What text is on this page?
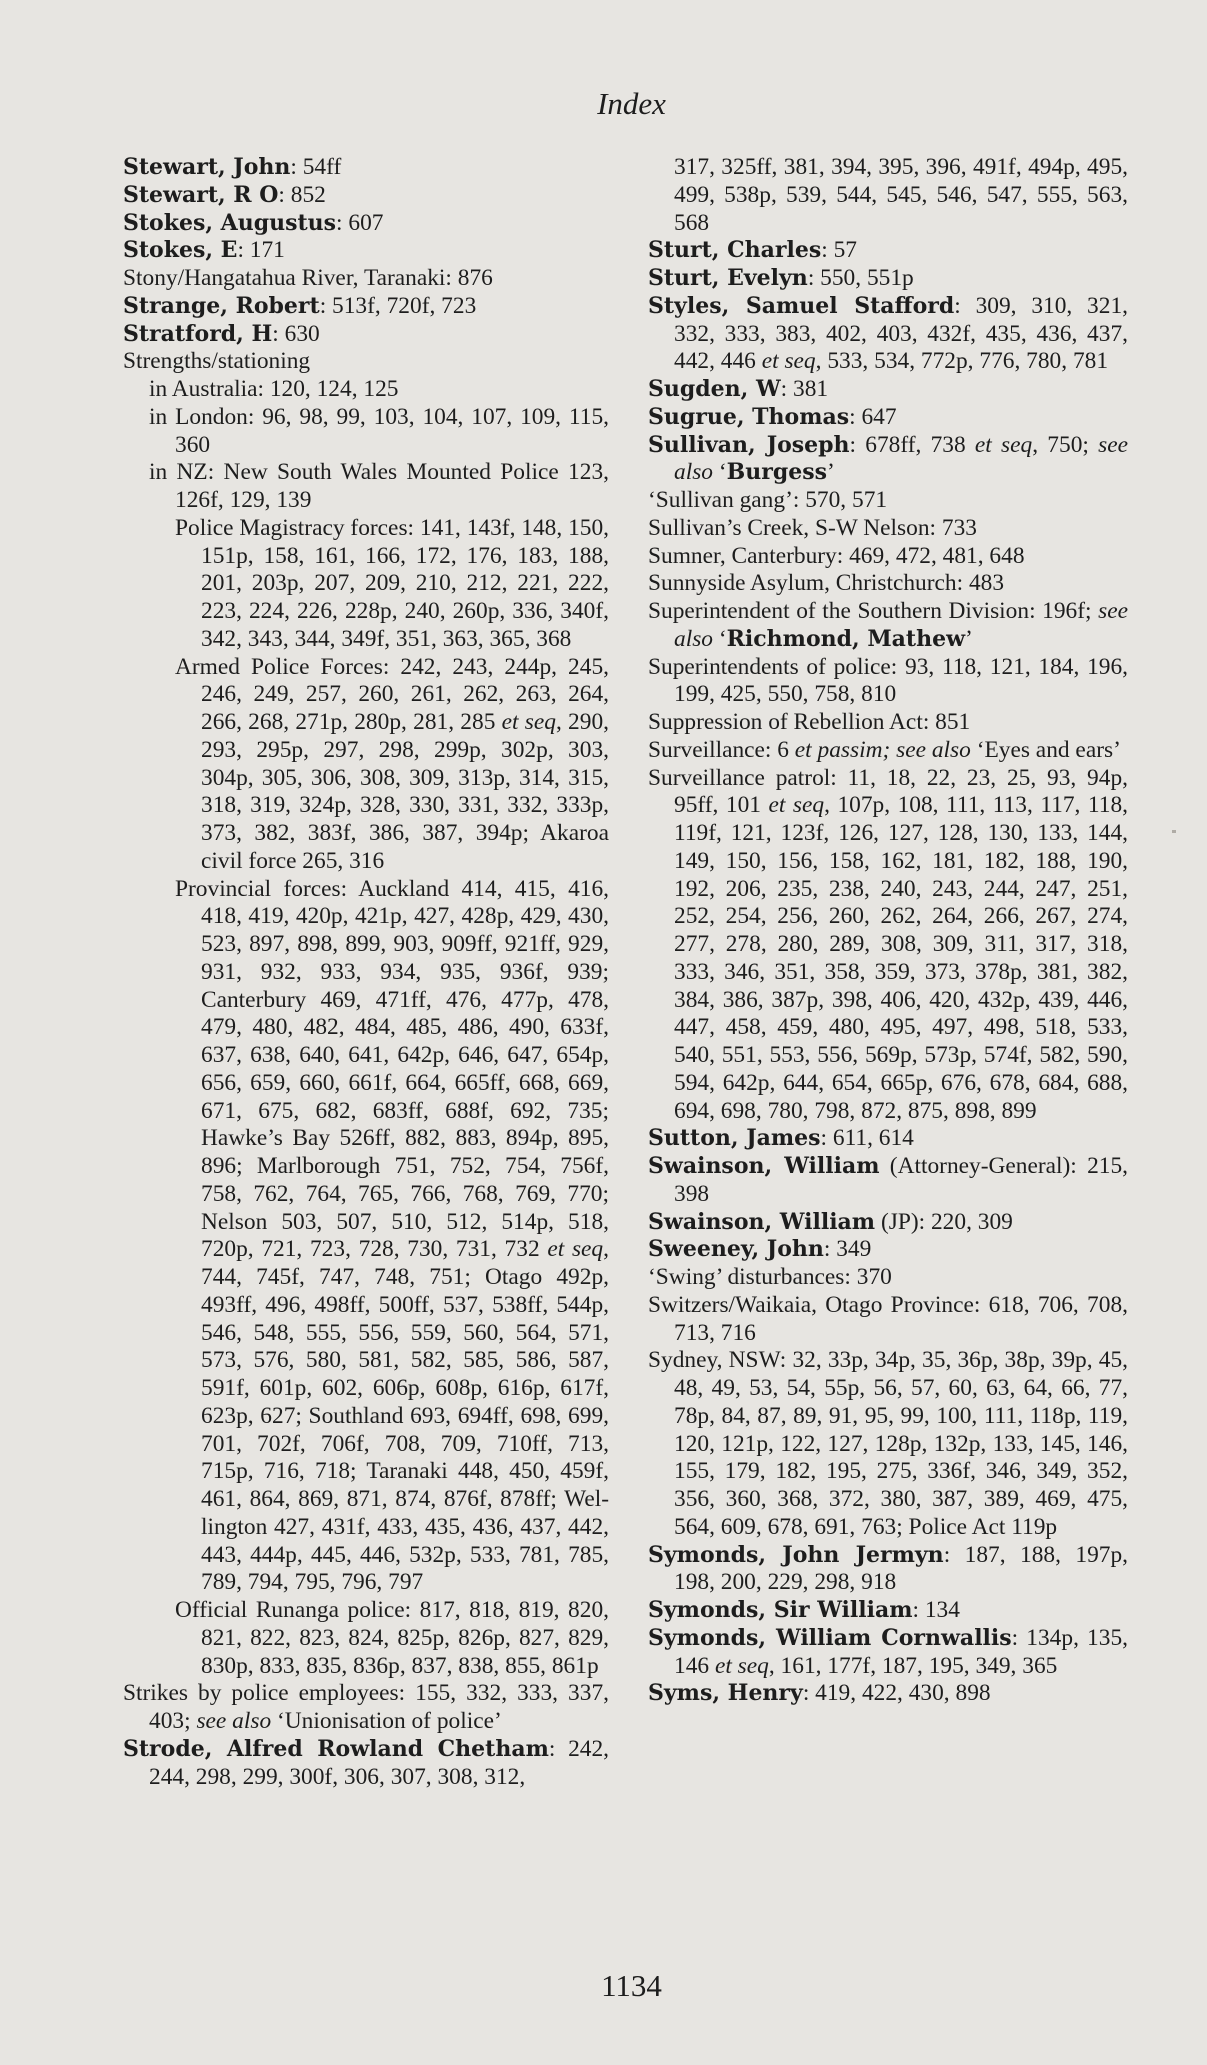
Index
Stewart, John: 54ff
Stewart, R O: 852
Stokes, Augustus: 607
Stokes, E: 171
Stony/Hangatahua River, Taranaki: 876
Strange, Robert: 513f, 720f, 723
Stratford, H: 630
Strengths/stationing
in Australia: 120, 124, 125
in London: 96, 98, 99, 103, 104, 107, 109, 115, 360
in NZ: New South Wales Mounted Police 123, 126f, 129, 139
Police Magistracy forces: 141, 143f, 148, 150, 151p, 158, 161, 166, 172, 176, 183, 188, 201, 203p, 207, 209, 210, 212, 221, 222, 223, 224, 226, 228p, 240, 260p, 336, 340f, 342, 343, 344, 349f, 351, 363, 365, 368
Armed Police Forces: 242, 243, 244p, 245, 246, 249, 257, 260, 261, 262, 263, 264, 266, 268, 271p, 280p, 281, 285 et seq, 290, 293, 295p, 297, 298, 299p, 302p, 303, 304p, 305, 306, 308, 309, 313p, 314, 315, 318, 319, 324p, 328, 330, 331, 332, 333p, 373, 382, 383f, 386, 387, 394p; Akaroa civil force 265, 316
Provincial forces: Auckland 414, 415, 416, 418, 419, 420p, 421p, 427, 428p, 429, 430, 523, 897, 898, 899, 903, 909ff, 921ff, 929, 931, 932, 933, 934, 935, 936f, 939; Canterbury 469, 471ff, 476, 477p, 478, 479, 480, 482, 484, 485, 486, 490, 633f, 637, 638, 640, 641, 642p, 646, 647, 654p, 656, 659, 660, 661f, 664, 665ff, 668, 669, 671, 675, 682, 683ff, 688f, 692, 735; Hawke’s Bay 526ff, 882, 883, 894p, 895, 896; Marlborough 751, 752, 754, 756f, 758, 762, 764, 765, 766, 768, 769, 770; Nelson 503, 507, 510, 512, 514p, 518, 720p, 721, 723, 728, 730, 731, 732 et seq, 744, 745f, 747, 748, 751; Otago 492p, 493ff, 496, 498ff, 500ff, 537, 538ff, 544p, 546, 548, 555, 556, 559, 560, 564, 571, 573, 576, 580, 581, 582, 585, 586, 587, 591f, 601p, 602, 606p, 608p, 616p, 617f, 623p, 627; Southland 693, 694ff, 698, 699, 701, 702f, 706f, 708, 709, 710ff, 713, 715p, 716, 718; Taranaki 448, 450, 459f, 461, 864, 869, 871, 874, 876f, 878ff; Wellington 427, 431f, 433, 435, 436, 437, 442, 443, 444p, 445, 446, 532p, 533, 781, 785, 789, 794, 795, 796, 797
Official Runanga police: 817, 818, 819, 820, 821, 822, 823, 824, 825p, 826p, 827, 829, 830p, 833, 835, 836p, 837, 838, 855, 861p
Strikes by police employees: 155, 332, 333, 337, 403; see also ‘Unionisation of police’
Strode, Alfred Rowland Chetham: 242, 244, 298, 299, 300f, 306, 307, 308, 312,
317, 325ff, 381, 394, 395, 396, 491f, 494p, 495, 499, 538p, 539, 544, 545, 546, 547, 555, 563, 568
Sturt, Charles: 57
Sturt, Evelyn: 550, 551p
Styles, Samuel Stafford: 309, 310, 321, 332, 333, 383, 402, 403, 432f, 435, 436, 437, 442, 446 et seq, 533, 534, 772p, 776, 780, 781
Sugden, W: 381
Sugrue, Thomas: 647
Sullivan, Joseph: 678ff, 738 et seq, 750; see also ‘Burgess’
‘Sullivan gang’: 570, 571
Sullivan’s Creek, S-W Nelson: 733
Sumner, Canterbury: 469, 472, 481, 648
Sunnyside Asylum, Christchurch: 483
Superintendent of the Southern Division: 196f; see also ‘Richmond, Mathew’
Superintendents of police: 93, 118, 121, 184, 196, 199, 425, 550, 758, 810
Suppression of Rebellion Act: 851
Surveillance: 6 et passim; see also ‘Eyes and ears’
Surveillance patrol: 11, 18, 22, 23, 25, 93, 94p, 95ff, 101 et seq, 107p, 108, 111, 113, 117, 118, 119f, 121, 123f, 126, 127, 128, 130, 133, 144, 149, 150, 156, 158, 162, 181, 182, 188, 190, 192, 206, 235, 238, 240, 243, 244, 247, 251, 252, 254, 256, 260, 262, 264, 266, 267, 274, 277, 278, 280, 289, 308, 309, 311, 317, 318, 333, 346, 351, 358, 359, 373, 378p, 381, 382, 384, 386, 387p, 398, 406, 420, 432p, 439, 446, 447, 458, 459, 480, 495, 497, 498, 518, 533, 540, 551, 553, 556, 569p, 573p, 574f, 582, 590, 594, 642p, 644, 654, 665p, 676, 678, 684, 688, 694, 698, 780, 798, 872, 875, 898, 899
Sutton, James: 611, 614
Swainson, William (Attorney-General): 215, 398
Swainson, William (JP): 220, 309
Sweeney, John: 349
‘Swing’ disturbances: 370
Switzers/Waikaia, Otago Province: 618, 706, 708, 713, 716
Sydney, NSW: 32, 33p, 34p, 35, 36p, 38p, 39p, 45, 48, 49, 53, 54, 55p, 56, 57, 60, 63, 64, 66, 77, 78p, 84, 87, 89, 91, 95, 99, 100, 111, 118p, 119, 120, 121p, 122, 127, 128p, 132p, 133, 145, 146, 155, 179, 182, 195, 275, 336f, 346, 349, 352, 356, 360, 368, 372, 380, 387, 389, 469, 475, 564, 609, 678, 691, 763; Police Act 119p
Symonds, John Jermyn: 187, 188, 197p, 198, 200, 229, 298, 918
Symonds, Sir William: 134
Symonds, William Cornwallis: 134p, 135, 146 et seq, 161, 177f, 187, 195, 349, 365
Syms, Henry: 419, 422, 430, 898
1134
